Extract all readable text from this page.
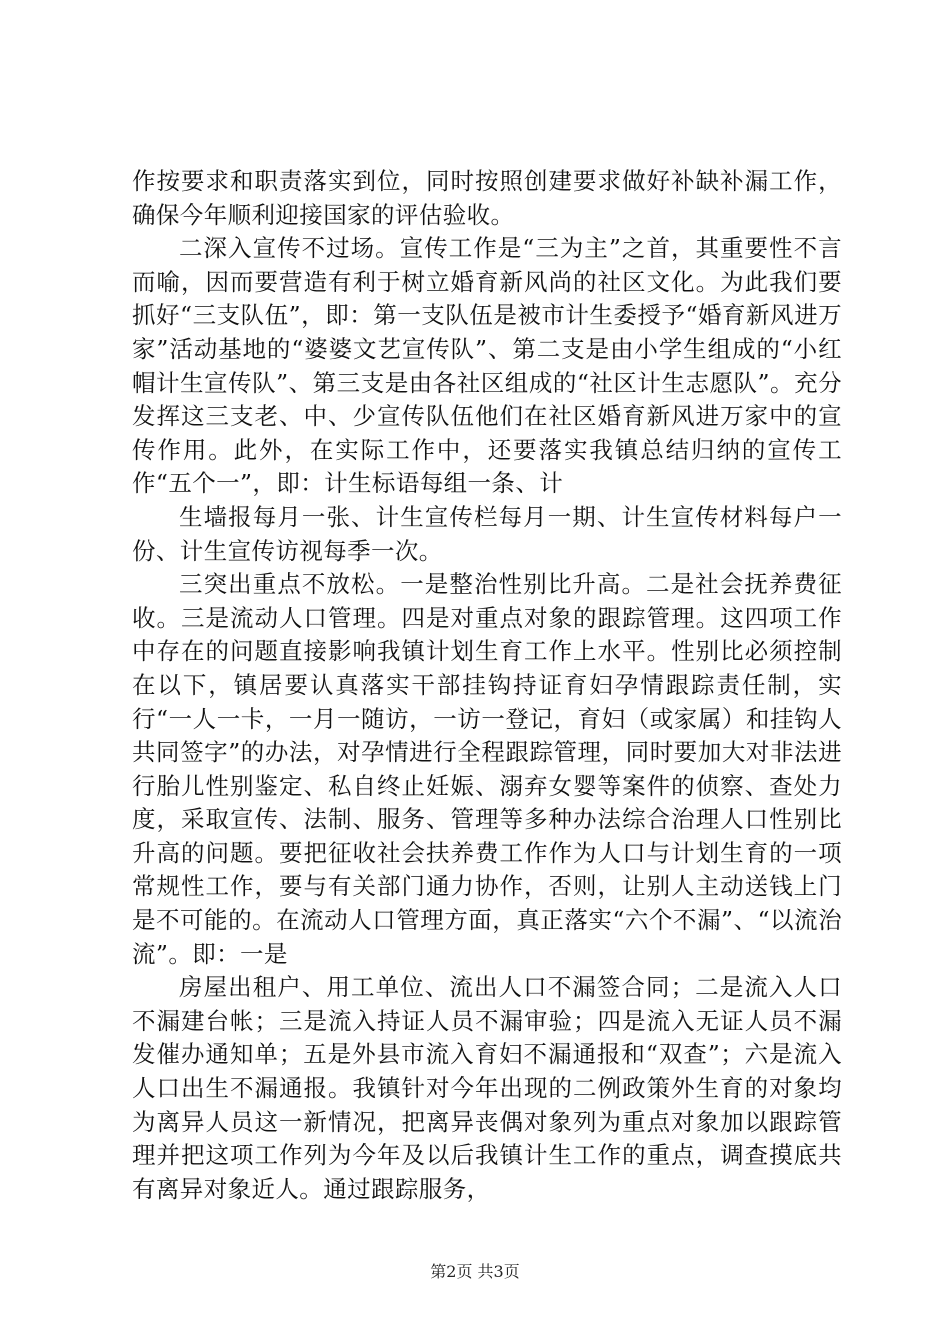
作按要求和职责落实到位，同时按照创建要求做好补缺补漏工作，确保今年顺利迎接国家的评估验收。

二深入宣传不过场。宣传工作是“三为主”之首，其重要性不言而喻，因而要营造有利于树立婚育新风尚的社区文化。为此我们要抓好“三支队伍”，即：第一支队伍是被市计生委授予“婚育新风进万家”活动基地的“婆婆文艺宣传队”、第二支是由小学生组成的“小红帽计生宣传队”、第三支是由各社区组成的“社区计生志愿队”。充分发挥这三支老、中、少宣传队伍他们在社区婚育新风进万家中的宣传作用。此外，在实际工作中，还要落实我镇总结归纳的宣传工作“五个一”，即：计生标语每组一条、计

生墙报每月一张、计生宣传栏每月一期、计生宣传材料每户一份、计生宣传访视每季一次。

三突出重点不放松。一是整治性别比升高。二是社会抚养费征收。三是流动人口管理。四是对重点对象的跟踪管理。这四项工作中存在的问题直接影响我镇计划生育工作上水平。性别比必须控制在以下，镇居要认真落实干部挂钩持证育妇孕情跟踪责任制，实行“一人一卡，一月一随访，一访一登记，育妇（或家属）和挂钩人共同签字”的办法，对孕情进行全程跟踪管理，同时要加大对非法进行胎儿性别鉴定、私自终止妊娠、溺弃女婴等案件的侦察、查处力度，采取宣传、法制、服务、管理等多种办法综合治理人口性别比升高的问题。要把征收社会扶养费工作作为人口与计划生育的一项常规性工作，要与有关部门通力协作，否则，让别人主动送钱上门是不可能的。在流动人口管理方面，真正落实“六个不漏”、“以流治流”。即：一是

房屋出租户、用工单位、流出人口不漏签合同；二是流入人口不漏建台帐；三是流入持证人员不漏审验；四是流入无证人员不漏发催办通知单；五是外县市流入育妇不漏通报和“双查”；六是流入人口出生不漏通报。我镇针对今年出现的二例政策外生育的对象均为离异人员这一新情况，把离异丧偶对象列为重点对象加以跟踪管理并把这项工作列为今年及以后我镇计生工作的重点，调查摸底共有离异对象近人。通过跟踪服务，

第2页 共3页
